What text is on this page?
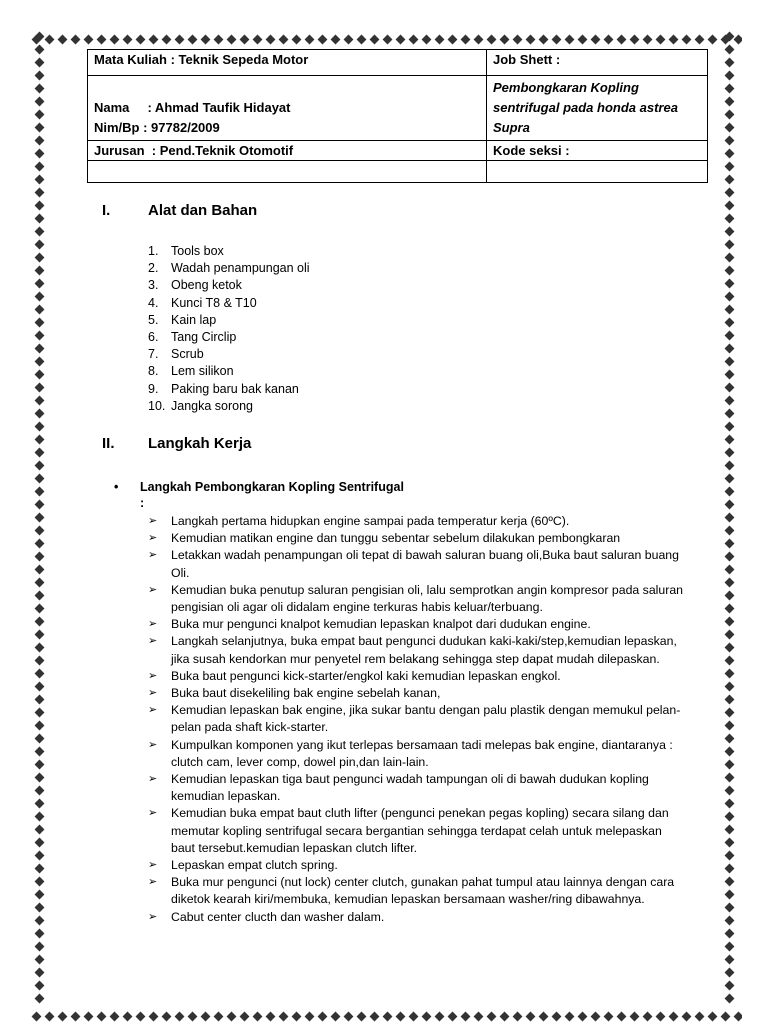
Mata Kuliah : Teknik Sepeda Motor	Job Shett :

Nama     : Ahmad Taufik Hidayat
Nim/Bp : 97782/2009	Pembongkaran Kopling sentrifugal pada honda astrea Supra
Jurusan  : Pend.Teknik Otomotif	Kode seksi :

I.	Alat dan Bahan
1.	Tools box
2.	Wadah penampungan oli
3.	Obeng ketok
4.	Kunci T8 & T10
5.	Kain lap
6.	Tang Circlip
7.	Scrub
8.	Lem silikon
9.	Paking baru bak kanan
10. Jangka sorong
II. Langkah Kerja
• Langkah Pembongkaran Kopling Sentrifugal
:
➢	Langkah pertama hidupkan engine sampai pada temperatur kerja (60ºC).
➢	Kemudian matikan engine dan tunggu sebentar sebelum dilakukan pembongkaran
➢	Letakkan wadah penampungan oli tepat di bawah saluran buang oli,Buka baut saluran buang Oli.
➢	Kemudian buka penutup saluran pengisian oli, lalu semprotkan angin kompresor pada saluran pengisian oli agar oli didalam engine terkuras habis keluar/terbuang.
➢	Buka mur pengunci knalpot kemudian lepaskan knalpot dari dudukan engine.
➢	Langkah selanjutnya, buka empat baut pengunci dudukan kaki-kaki/step,kemudian lepaskan, jika susah kendorkan mur penyetel rem belakang sehingga step dapat mudah dilepaskan.
➢	Buka baut pengunci kick-starter/engkol kaki kemudian lepaskan engkol.
➢	Buka baut disekeliling bak engine sebelah kanan,
➢	Kemudian lepaskan bak engine, jika sukar bantu dengan palu plastik dengan memukul pelan-pelan pada shaft kick-starter.
➢	Kumpulkan komponen yang ikut terlepas bersamaan tadi melepas bak engine, diantaranya : clutch cam, lever comp, dowel pin,dan lain-lain.
➢	Kemudian lepaskan tiga baut pengunci wadah tampungan oli di bawah dudukan kopling kemudian lepaskan.
➢	Kemudian buka empat baut cluth lifter (pengunci penekan pegas kopling) secara silang dan memutar kopling sentrifugal secara bergantian sehingga terdapat celah untuk melepaskan baut tersebut.kemudian lepaskan clutch lifter.
➢	Lepaskan empat clutch spring.
➢	Buka mur pengunci (nut lock) center clutch, gunakan pahat tumpul atau lainnya dengan cara diketok kearah kiri/membuka, kemudian lepaskan bersamaan washer/ring dibawahnya.
➢	Cabut center clucth dan washer dalam.
